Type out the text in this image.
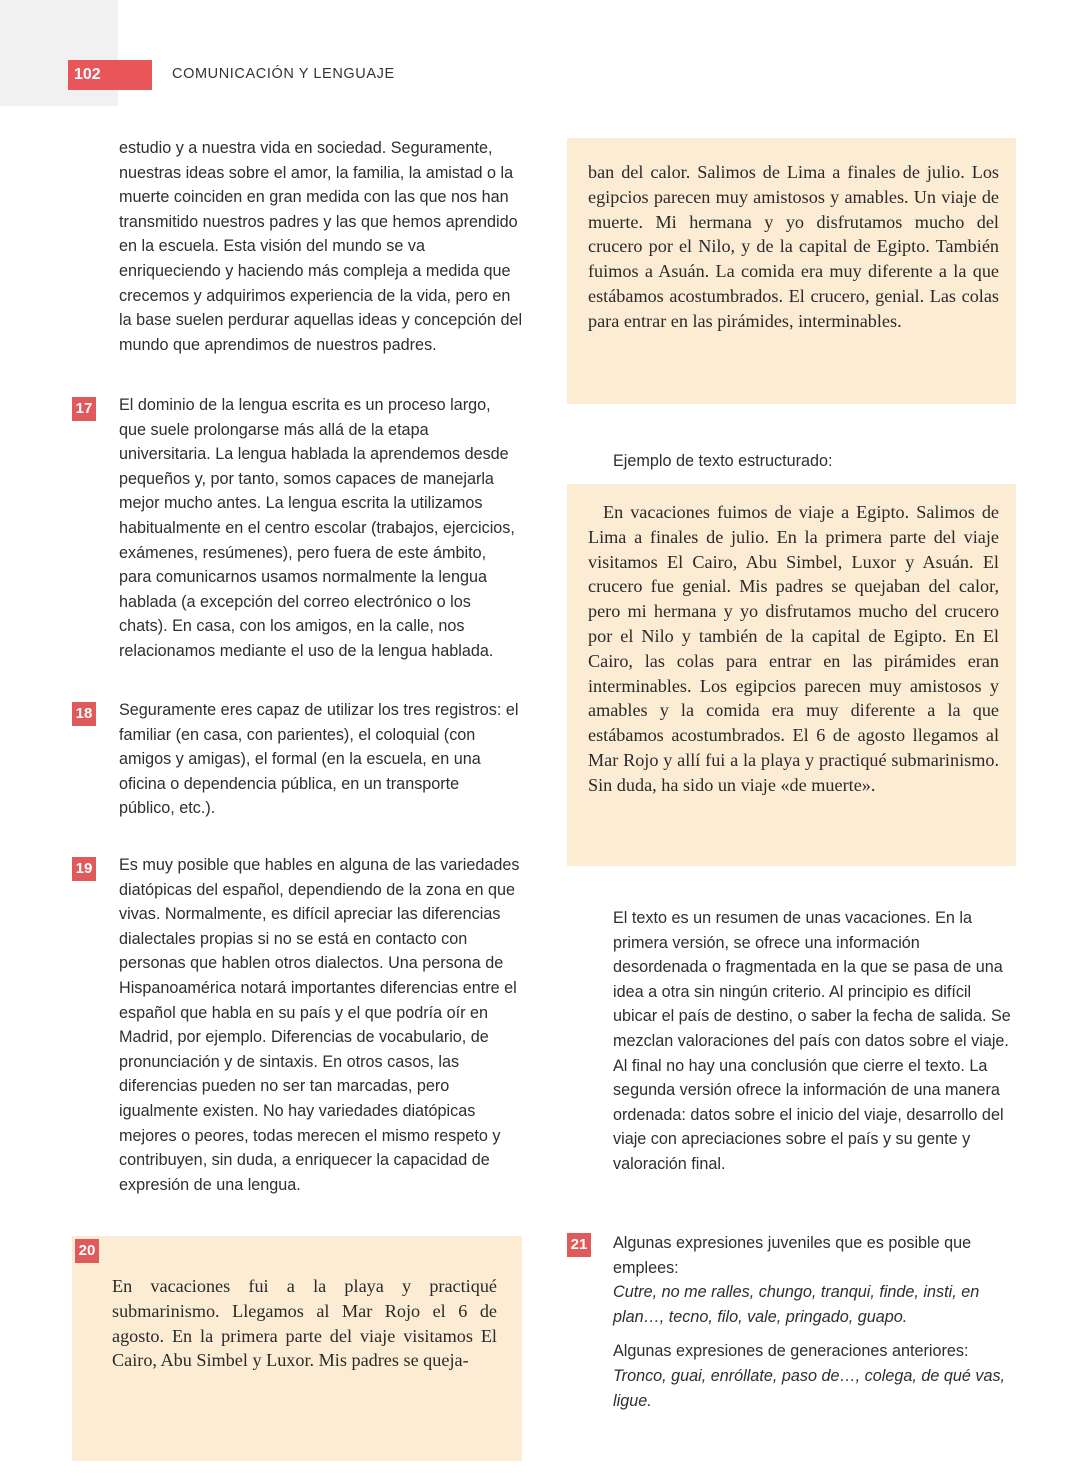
102	COMUNICACIÓN Y LENGUAJE

estudio y a nuestra vida en sociedad. Seguramente, nuestras ideas sobre el amor, la familia, la amistad o la muerte coinciden en gran medida con las que nos han transmitido nuestros padres y las que hemos aprendido en la escuela. Esta visión del mundo se va enriqueciendo y haciendo más compleja a medida que crecemos y adquirimos experiencia de la vida, pero en la base suelen perdurar aquellas ideas y concepción del mundo que aprendimos de nuestros padres.

17 El dominio de la lengua escrita es un proceso largo, que suele prolongarse más allá de la etapa universitaria. La lengua hablada la aprendemos desde pequeños y, por tanto, somos capaces de manejarla mejor mucho antes. La lengua escrita la utilizamos habitualmente en el centro escolar (trabajos, ejercicios, exámenes, resúmenes), pero fuera de este ámbito, para comunicarnos usamos normalmente la lengua hablada (a excepción del correo electrónico o los chats). En casa, con los amigos, en la calle, nos relacionamos mediante el uso de la lengua hablada.

18 Seguramente eres capaz de utilizar los tres registros: el familiar (en casa, con parientes), el coloquial (con amigos y amigas), el formal (en la escuela, en una oficina o dependencia pública, en un transporte público, etc.).

19 Es muy posible que hables en alguna de las variedades diatópicas del español, dependiendo de la zona en que vivas. Normalmente, es difícil apreciar las diferencias dialectales propias si no se está en contacto con personas que hablen otros dialectos. Una persona de Hispanoamérica notará importantes diferencias entre el español que habla en su país y el que podría oír en Madrid, por ejemplo. Diferencias de vocabulario, de pronunciación y de sintaxis. En otros casos, las diferencias pueden no ser tan marcadas, pero igualmente existen. No hay variedades diatópicas mejores o peores, todas merecen el mismo respeto y contribuyen, sin duda, a enriquecer la capacidad de expresión de una lengua.

20

En vacaciones fui a la playa y practiqué submarinismo. Llegamos al Mar Rojo el 6 de agosto. En la primera parte del viaje visitamos El Cairo, Abu Simbel y Luxor. Mis padres se queja-

ban del calor. Salimos de Lima a finales de julio. Los egipcios parecen muy amistosos y amables. Un viaje de muerte. Mi hermana y yo disfrutamos mucho del crucero por el Nilo, y de la capital de Egipto. También fuimos a Asuán. La comida era muy diferente a la que estábamos acostumbrados. El crucero, genial. Las colas para entrar en las pirámides, interminables.

Ejemplo de texto estructurado:

En vacaciones fuimos de viaje a Egipto. Salimos de Lima a finales de julio. En la primera parte del viaje visitamos El Cairo, Abu Simbel, Luxor y Asuán. El crucero fue genial. Mis padres se quejaban del calor, pero mi hermana y yo disfrutamos mucho del crucero por el Nilo y también de la capital de Egipto. En El Cairo, las colas para entrar en las pirámides eran interminables. Los egipcios parecen muy amistosos y amables y la comida era muy diferente a la que estábamos acostumbrados. El 6 de agosto llegamos al Mar Rojo y allí fui a la playa y practiqué submarinismo. Sin duda, ha sido un viaje «de muerte».

El texto es un resumen de unas vacaciones. En la primera versión, se ofrece una información desordenada o fragmentada en la que se pasa de una idea a otra sin ningún criterio. Al principio es difícil ubicar el país de destino, o saber la fecha de salida. Se mezclan valoraciones del país con datos sobre el viaje. Al final no hay una conclusión que cierre el texto. La segunda versión ofrece la información de una manera ordenada: datos sobre el inicio del viaje, desarrollo del viaje con apreciaciones sobre el país y su gente y valoración final.

21 Algunas expresiones juveniles que es posible que emplees:

Cutre, no me ralles, chungo, tranqui, finde, insti, en plan…, tecno, filo, vale, pringado, guapo.

Algunas expresiones de generaciones anteriores:

Tronco, guai, enróllate, paso de…, colega, de qué vas, ligue.
